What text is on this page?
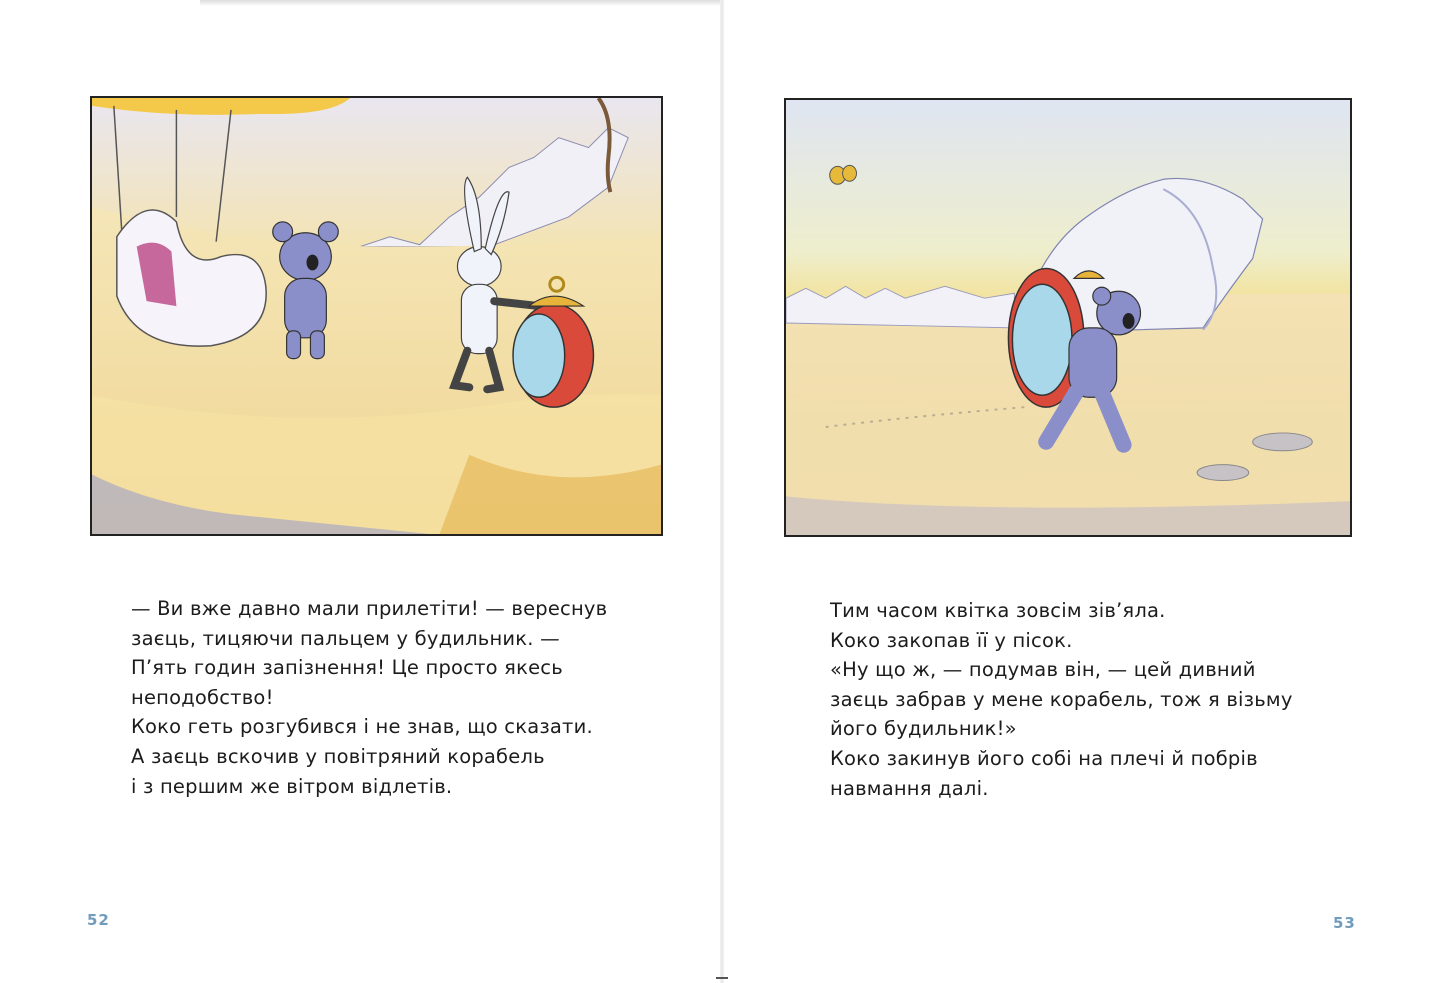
— Ви вже давно мали прилетіти! — вереснув
заєць, тицяючи пальцем у будильник. —
П’ять годин запізнення! Це просто якесь
неподобство!
Коко геть розгубився і не знав, що сказати.
А заєць вскочив у повітряний корабель
і з першим же вітром відлетів.
52
Тим часом квітка зовсім зів’яла.
Коко закопав її у пісок.
«Ну що ж, — подумав він, — цей дивний
заєць забрав у мене корабель, тож я візьму
його будильник!»
Коко закинув його собі на плечі й побрів
навмання далі.
53
